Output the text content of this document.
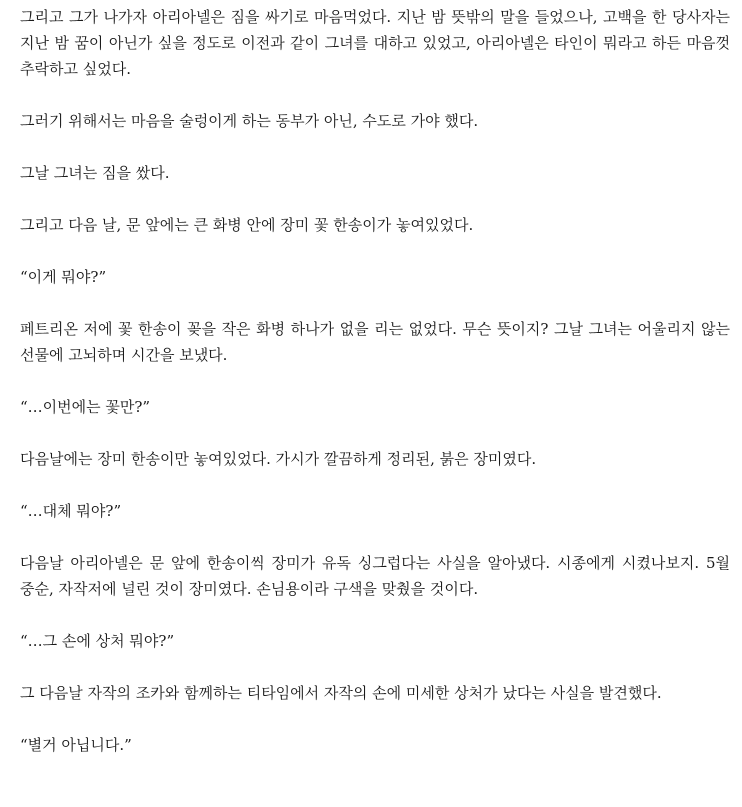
그리고 그가 나가자 아리아넬은 짐을 싸기로 마음먹었다. 지난 밤 뜻밖의 말을 들었으나, 고백을 한 당사자는 지난 밤 꿈이 아닌가 싶을 정도로 이전과 같이 그녀를 대하고 있었고, 아리아넬은 타인이 뭐라고 하든 마음껏 추락하고 싶었다.

그러기 위해서는 마음을 술렁이게 하는 동부가 아닌, 수도로 가야 했다.

그날 그녀는 짐을 쌌다.

그리고 다음 날, 문 앞에는 큰 화병 안에 장미 꽃 한송이가 놓여있었다.

“이게 뭐야?”

페트리온 저에 꽃 한송이 꽂을 작은 화병 하나가 없을 리는 없었다. 무슨 뜻이지? 그날 그녀는 어울리지 않는 선물에 고뇌하며 시간을 보냈다.

“…이번에는 꽃만?”

다음날에는 장미 한송이만 놓여있었다. 가시가 깔끔하게 정리된, 붉은 장미였다.

“…대체 뭐야?”

다음날 아리아넬은 문 앞에 한송이씩 장미가 유독 싱그럽다는 사실을 알아냈다. 시종에게 시켰나보지. 5월 중순, 자작저에 널린 것이 장미였다. 손님용이라 구색을 맞췄을 것이다.

“…그 손에 상처 뭐야?”

그 다음날 자작의 조카와 함께하는 티타임에서 자작의 손에 미세한 상처가 났다는 사실을 발견했다.

“별거 아닙니다.”
